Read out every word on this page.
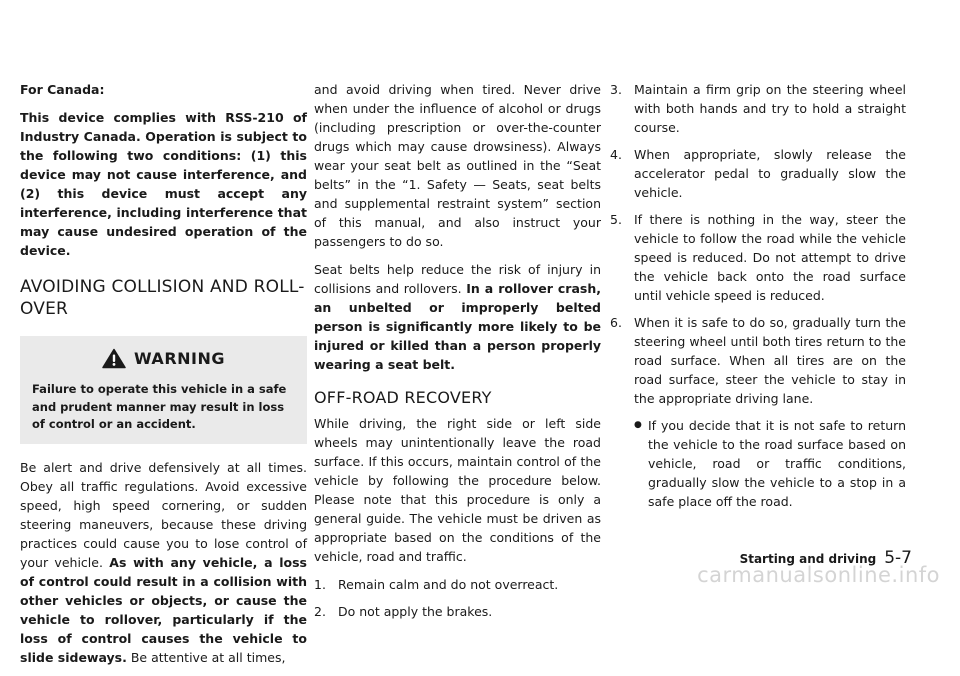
For Canada:

This device complies with RSS-210 of Industry Canada. Operation is subject to the following two conditions: (1) this device may not cause interference, and (2) this device must accept any interference, including interference that may cause undesired operation of the device.

AVOIDING COLLISION AND ROLL-OVER
WARNING

Failure to operate this vehicle in a safe and prudent manner may result in loss of control or an accident.

Be alert and drive defensively at all times. Obey all traffic regulations. Avoid excessive speed, high speed cornering, or sudden steering maneuvers, because these driving practices could cause you to lose control of your vehicle. As with any vehicle, a loss of control could result in a collision with other vehicles or objects, or cause the vehicle to rollover, particularly if the loss of control causes the vehicle to slide sideways. Be attentive at all times,

and avoid driving when tired. Never drive when under the influence of alcohol or drugs (including prescription or over-the-counter drugs which may cause drowsiness). Always wear your seat belt as outlined in the “Seat belts” in the “1. Safety — Seats, seat belts and supplemental restraint system” section of this manual, and also instruct your passengers to do so.

Seat belts help reduce the risk of injury in collisions and rollovers. In a rollover crash, an unbelted or improperly belted person is significantly more likely to be injured or killed than a person properly wearing a seat belt.

OFF-ROAD RECOVERY

While driving, the right side or left side wheels may unintentionally leave the road surface. If this occurs, maintain control of the vehicle by following the procedure below. Please note that this procedure is only a general guide. The vehicle must be driven as appropriate based on the conditions of the vehicle, road and traffic.

1. Remain calm and do not overreact.
2. Do not apply the brakes.
3. Maintain a firm grip on the steering wheel with both hands and try to hold a straight course.
4. When appropriate, slowly release the accelerator pedal to gradually slow the vehicle.
5. If there is nothing in the way, steer the vehicle to follow the road while the vehicle speed is reduced. Do not attempt to drive the vehicle back onto the road surface until vehicle speed is reduced.
6. When it is safe to do so, gradually turn the steering wheel until both tires return to the road surface. When all tires are on the road surface, steer the vehicle to stay in the appropriate driving lane.
● If you decide that it is not safe to return the vehicle to the road surface based on vehicle, road or traffic conditions, gradually slow the vehicle to a stop in a safe place off the road.
Starting and driving 5-7
carmanualsonline.info
